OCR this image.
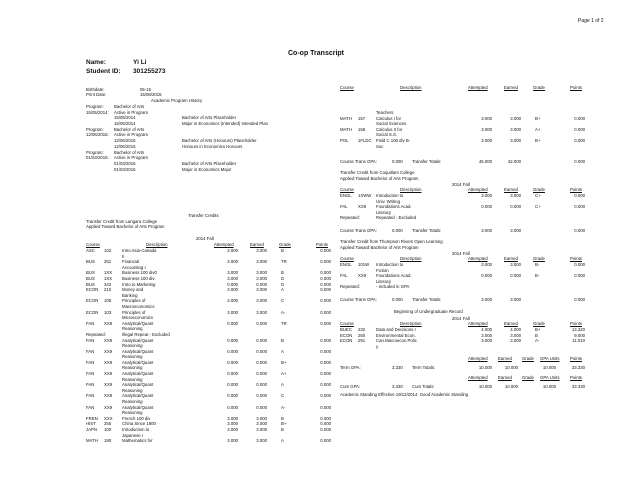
Page 1 of 2
Co-op Transcript
Name:	Yi Li
Student ID: 301255273
Birthdate:	05-15
Print Date:	15/08/2016
Academic Program History
Program: Bachelor of Arts
15/05/2014: Active in Program
15/05/2014	Bachelor of Arts Placeholder
15/05/2014	Major in Economics (Intended) Intended Plan
Program: Bachelor of Arts
12/06/2015: Active in Program
12/06/2015	Bachelor of Arts (Honours) Placeholder
12/06/2015	Honours in Economics Honours
Program: Bachelor of Arts
01/03/2016: Active in Program
01/03/2016	Bachelor of Arts Placeholder
01/03/2016	Major in Economics Major
Transfer Credits
Transfer Credit from Langara College
Applied Toward Bachelor of Arts Program
2014 Fall
Course	Description	Attempted	Earned	Grade	Points
ASC 102	Intro Asia-Canada	3.000	3.000	B	0.000
II
BUS 251	Financial	3.000	3.000	TR	0.000
Accounting I
BUS 1XX Business 100 div0	3.000	3.000	B	0.000
BUS 1XX Business 100 div	3.000	3.000	D	0.000
BUS 343	Intro to Marketing	0.000	0.000	D	0.000
ECON 210	Money and	3.000	3.000	A	0.000
Banking
ECON 105	Principles of	3.000	3.000	C	0.000
Macroeconomics
ECON 103	Principles of	3.000	3.000	A-	0.000
Microeconomics
FAN XX9 Analytical/Quant	0.000	0.000	TR	0.000
Reasoning
Repeated:	Illegal Repeat - Excluded
FAN XX9 Analytical/Quant	0.000	0.000	B	0.000
Reasoning
FAN XX9 Analytical/Quant	0.000	0.000	A	0.000
Reasoning
FAN XX9 Analytical/Quant	0.000	0.000	B+	0.000
Reasoning
FAN XX9 Analytical/Quant	0.000	0.000	A+	0.000
Reasoning
FAN XX9 Analytical/Quant	0.000	0.000	A	0.000
Reasoning
FAN XX9 Analytical/Quant	0.000	0.000	C	0.000
Reasoning
FAN XX9 Analytical/Quant	0.000	0.000	A-	0.000
Reasoning
FREN XXX French 100 div	3.000	3.000	B	0.000
HIST 255	China Since 1800	3.000	3.000	B+	0.000
JAPN 100	Introduction to	3.000	3.000	B	0.000
Japanese I
MATH 190	Mathematics for	3.000	3.000	A	0.000
Course	Description	Attempted	Earned	Grade	Points
Teachers
MATH 157	Calculus I for	3.000	3.000	B+	0.000
Social Sciences
MATH 158	Calculus II for	3.000	3.000	A+	0.000
Social S.S.
POL 1FLDC Field C 100 div B-	3.000	3.000	B+	0.000
Soc
Course Trans GPA:	0.000 Transfer Totals:	45.000	42.000	0.000
Transfer Credit from Coquitlam College
Applied Toward Bachelor of Arts Program
2014 Fall
Course	Description	Attempted	Earned	Grade	Points
ENGL 1XWW Introduction to	3.000	3.000	C+	0.000
Univ. Writing
FAL XX9 Foundations Acad.	0.000	0.000	C+	0.000
Literacy
Repeated:	Repeated - Excluded
Course Trans GPA:	0.000 Transfer Totals:	3.000	3.000	0.000
Transfer Credit from Thompson Rivers Open Learning
Applied Toward Bachelor of Arts Program
2014 Fall
Course	Description	Attempted	Earned	Grade	Points
ENGL 101W Introduction to	3.000	3.000	B-	0.000
Fiction
FAL XX9 Foundations Acad.	0.000	0.000	B-	0.000
Literacy
Repeated:	- Included in GPA
Course Trans GPA:	0.000 Transfer Totals:	3.000	3.000	0.000
Beginning of Undergraduate Record
2014 Fall
Course	Description	Attempted	Earned	Grade	Points
BUEC 232	Data and Decisions I	4.000	4.000	B+	13.320
ECON 260	Environmental Econ.	3.000	3.000	B	9.000
ECON 291	Can.Macroecon.Polic	3.000	3.000	A-	11.010
y
Attempted Earned Grade GPA Units Points
Term GPA:	3.330 Term Totals:	10.000	10.000	10.000	33.330
Attempted Earned Grade GPA Units Points
Cum GPA:	3.330 Cum Totals:	10.000	10.000	10.000	33.330
Academic Standing Effective 19/12/2014: Good Academic Standing
